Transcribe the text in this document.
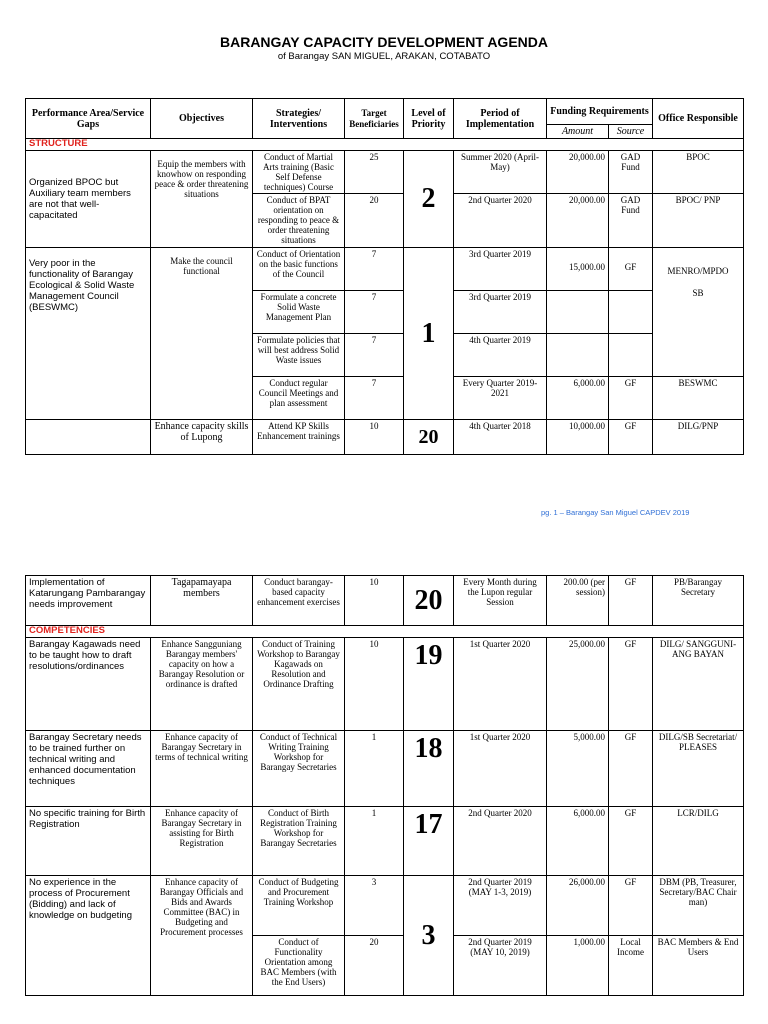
BARANGAY CAPACITY DEVELOPMENT AGENDA
of Barangay SAN MIGUEL, ARAKAN, COTABATO
Performance Area/Service Gaps	Objectives	Strategies/ Interventions	Target Beneficiaries	Level of Priority	Period of Implementation	Funding Requirements		Office Responsible
						Amount	Source	
STRUCTURE								
Organized BPOC but Auxiliary team members are not that well-capacitated	Equip the members with knowhow on responding peace & order threatening situations	Conduct of Martial Arts training (Basic Self Defense techniques) Course	25	2	Summer 2020 (April-May)	20,000.00	GAD Fund	BPOC
		Conduct of BPAT orientation on responding to peace & order threatening situations	20		2nd Quarter 2020	20,000.00	GAD Fund	BPOC/ PNP
Very poor in the functionality of Barangay Ecological & Solid Waste Management Council (BESWMC)	Make the council functional	Conduct of Orientation on the basic functions of the Council	7	1	3rd Quarter 2019	15,000.00	GF	MENRO/MPDO
SB

		Formulate a concrete Solid Waste Management Plan	7		3rd Quarter 2019			
		Formulate policies that will best address Solid Waste issues	7		4th Quarter 2019			
		Conduct regular Council Meetings and plan assessment	7		Every Quarter 2019-2021	6,000.00	GF	BESWMC
	Enhance capacity skills of Lupong	Attend KP Skills Enhancement trainings	10	20	4th Quarter 2018	10,000.00	GF	DILG/PNP
pg. 1 – Barangay San Miguel CAPDEV 2019
Implementation of Katarungang Pambarangay needs improvement	Tagapamayapa members	Conduct barangay-based capacity enhancement exercises	10	20	Every Month during the Lupon regular Session	200.00 (per session)	GF	PB/Barangay Secretary
COMPETENCIES								
Barangay Kagawads need to be taught how to draft resolutions/ordinances	Enhance Sangguniang Barangay members' capacity on how a Barangay Resolution or ordinance is drafted	Conduct of Training Workshop to Barangay Kagawads on Resolution and Ordinance Drafting	10	19	1st Quarter 2020	25,000.00	GF	DILG/ SANGGUNI-ANG BAYAN
Barangay Secretary needs to be trained further on technical writing and enhanced documentation techniques	Enhance capacity of Barangay Secretary in terms of technical writing	Conduct of Technical Writing Training Workshop for Barangay Secretaries	1	18	1st Quarter 2020	5,000.00	GF	DILG/SB Secretariat/ PLEASES
No specific training for Birth Registration	Enhance capacity of Barangay Secretary in assisting for Birth Registration	Conduct of Birth Registration Training Workshop for Barangay Secretaries	1	17	2nd Quarter 2020	6,000.00	GF	LCR/DILG
No experience in the process of Procurement (Bidding) and lack of knowledge on budgeting	Enhance capacity of Barangay Officials and Bids and Awards Committee (BAC) in Budgeting and Procurement processes	Conduct of Budgeting and Procurement Training Workshop	3	3	2nd Quarter 2019 (MAY 1-3, 2019)	26,000.00	GF	DBM (PB, Treasurer, Secretary/BAC Chairman)
		Conduct of Functionality Orientation among BAC Members (with the End Users)	20		2nd Quarter 2019 (MAY 10, 2019)	1,000.00	Local Income	BAC Members & End Users
